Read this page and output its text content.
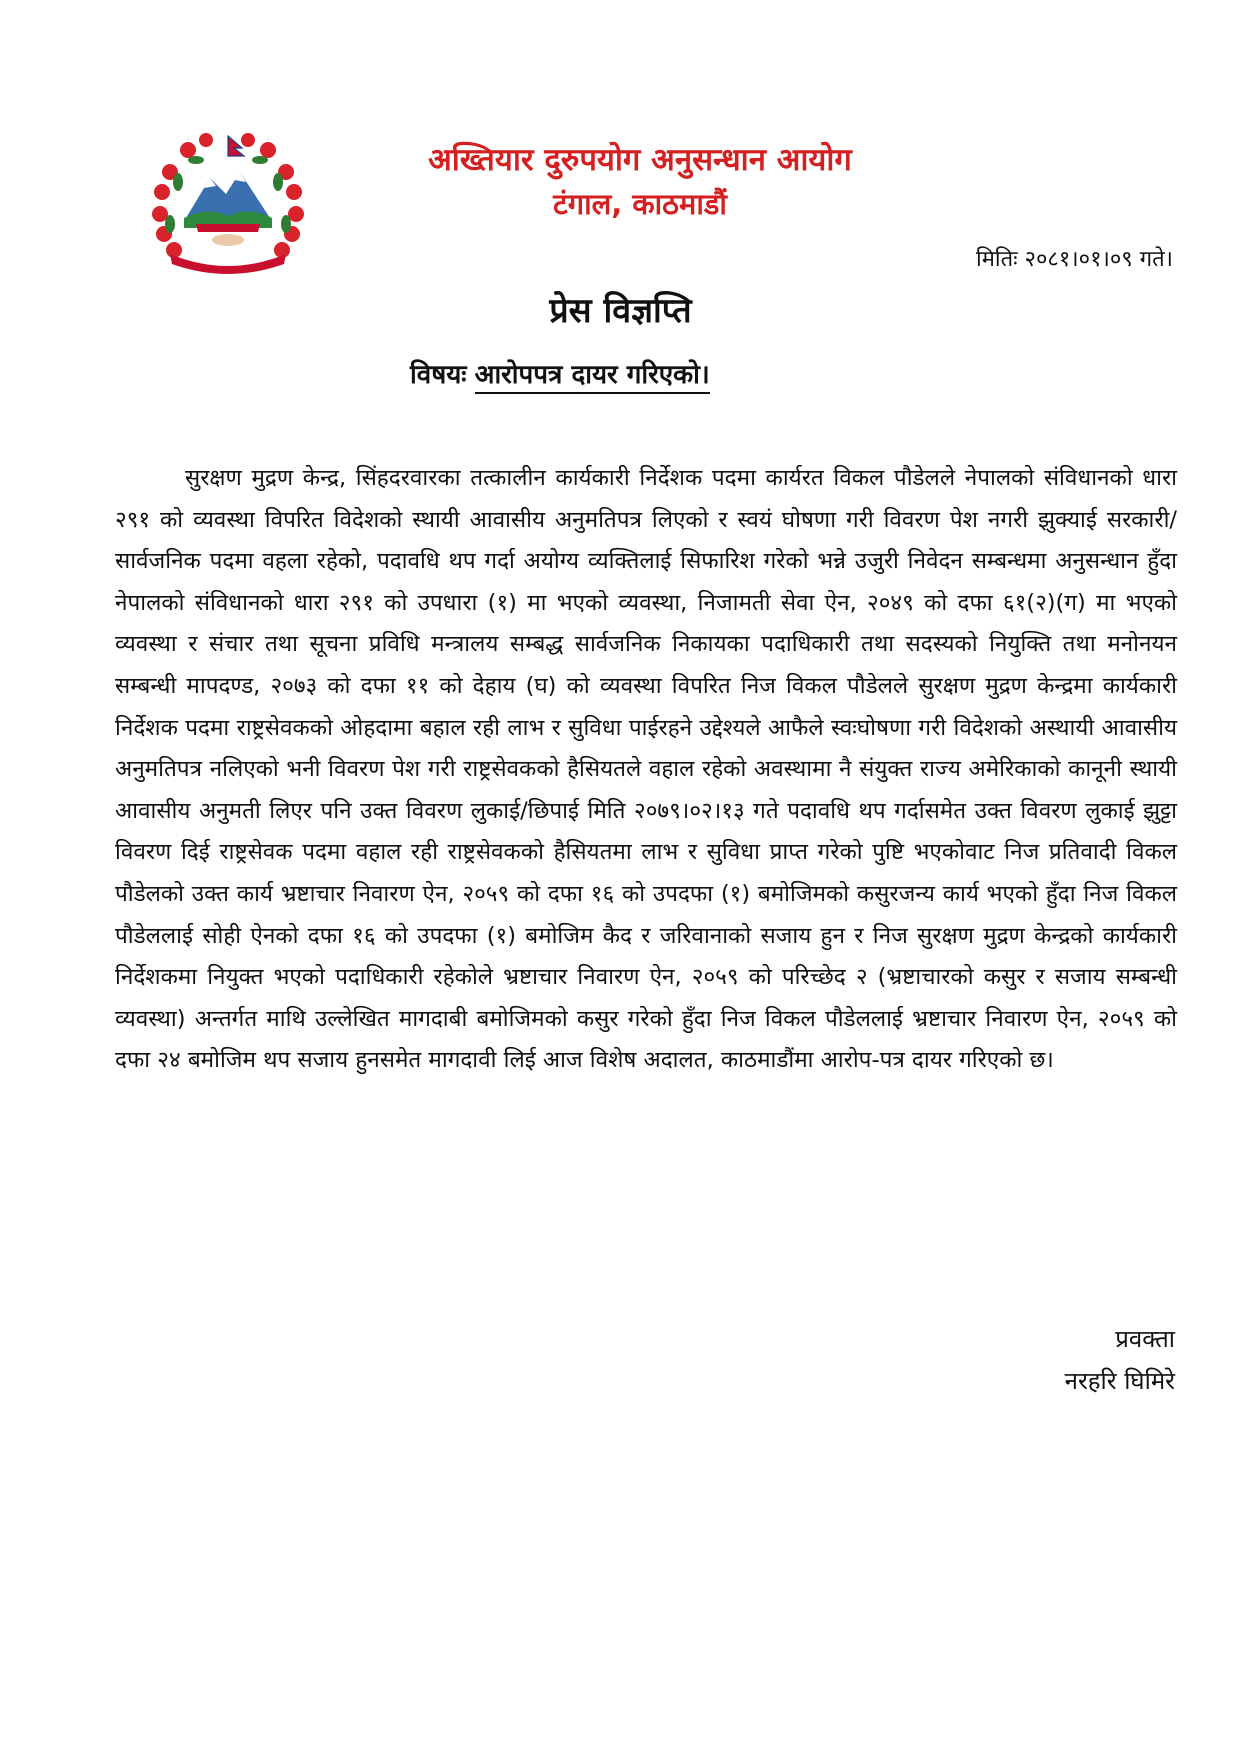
अख्तियार दुरुपयोग अनुसन्धान आयोग
टंगाल, काठमाडौं
मितिः २०८१।०१।०९ गते।
प्रेस विज्ञप्ति
विषयः आरोपपत्र दायर गरिएको।

सुरक्षण मुद्रण केन्द्र, सिंहदरवारका तत्कालीन कार्यकारी निर्देशक पदमा कार्यरत विकल पौडेलले नेपालको संविधानको धारा २९१ को व्यवस्था विपरित विदेशको स्थायी आवासीय अनुमतिपत्र लिएको र स्वयं घोषणा गरी विवरण पेश नगरी झुक्याई सरकारी/सार्वजनिक पदमा वहला रहेको, पदावधि थप गर्दा अयोग्य व्यक्तिलाई सिफारिश गरेको भन्ने उजुरी निवेदन सम्बन्धमा अनुसन्धान हुँदा नेपालको संविधानको धारा २९१ को उपधारा (१) मा भएको व्यवस्था, निजामती सेवा ऐन, २०४९ को दफा ६१(२)(ग) मा भएको व्यवस्था र संचार तथा सूचना प्रविधि मन्त्रालय सम्बद्ध सार्वजनिक निकायका पदाधिकारी तथा सदस्यको नियुक्ति तथा मनोनयन सम्बन्धी मापदण्ड, २०७३ को दफा ११ को देहाय (घ) को व्यवस्था विपरित निज विकल पौडेलले सुरक्षण मुद्रण केन्द्रमा कार्यकारी निर्देशक पदमा राष्ट्रसेवकको ओहदामा बहाल रही लाभ र सुविधा पाईरहने उद्देश्यले आफैले स्वःघोषणा गरी विदेशको अस्थायी आवासीय अनुमतिपत्र नलिएको भनी विवरण पेश गरी राष्ट्रसेवकको हैसियतले वहाल रहेको अवस्थामा नै संयुक्त राज्य अमेरिकाको कानूनी स्थायी आवासीय अनुमती लिएर पनि उक्त विवरण लुकाई/छिपाई मिति २०७९।०२।१३ गते पदावधि थप गर्दासमेत उक्त विवरण लुकाई झुट्टा विवरण दिई राष्ट्रसेवक पदमा वहाल रही राष्ट्रसेवकको हैसियतमा लाभ र सुविधा प्राप्त गरेको पुष्टि भएकोवाट निज प्रतिवादी विकल पौडेलको उक्त कार्य भ्रष्टाचार निवारण ऐन, २०५९ को दफा १६ को उपदफा (१) बमोजिमको कसुरजन्य कार्य भएको हुँदा निज विकल पौडेललाई सोही ऐनको दफा १६ को उपदफा (१) बमोजिम कैद र जरिवानाको सजाय हुन र निज सुरक्षण मुद्रण केन्द्रको कार्यकारी निर्देशकमा नियुक्त भएको पदाधिकारी रहेकोले भ्रष्टाचार निवारण ऐन, २०५९ को परिच्छेद २ (भ्रष्टाचारको कसुर र सजाय सम्बन्धी व्यवस्था) अन्तर्गत माथि उल्लेखित मागदाबी बमोजिमको कसुर गरेको हुँदा निज विकल पौडेललाई भ्रष्टाचार निवारण ऐन, २०५९ को दफा २४ बमोजिम थप सजाय हुनसमेत मागदावी लिई आज विशेष अदालत, काठमाडौंमा आरोप-पत्र दायर गरिएको छ।

प्रवक्ता
नरहरि घिमिरे
